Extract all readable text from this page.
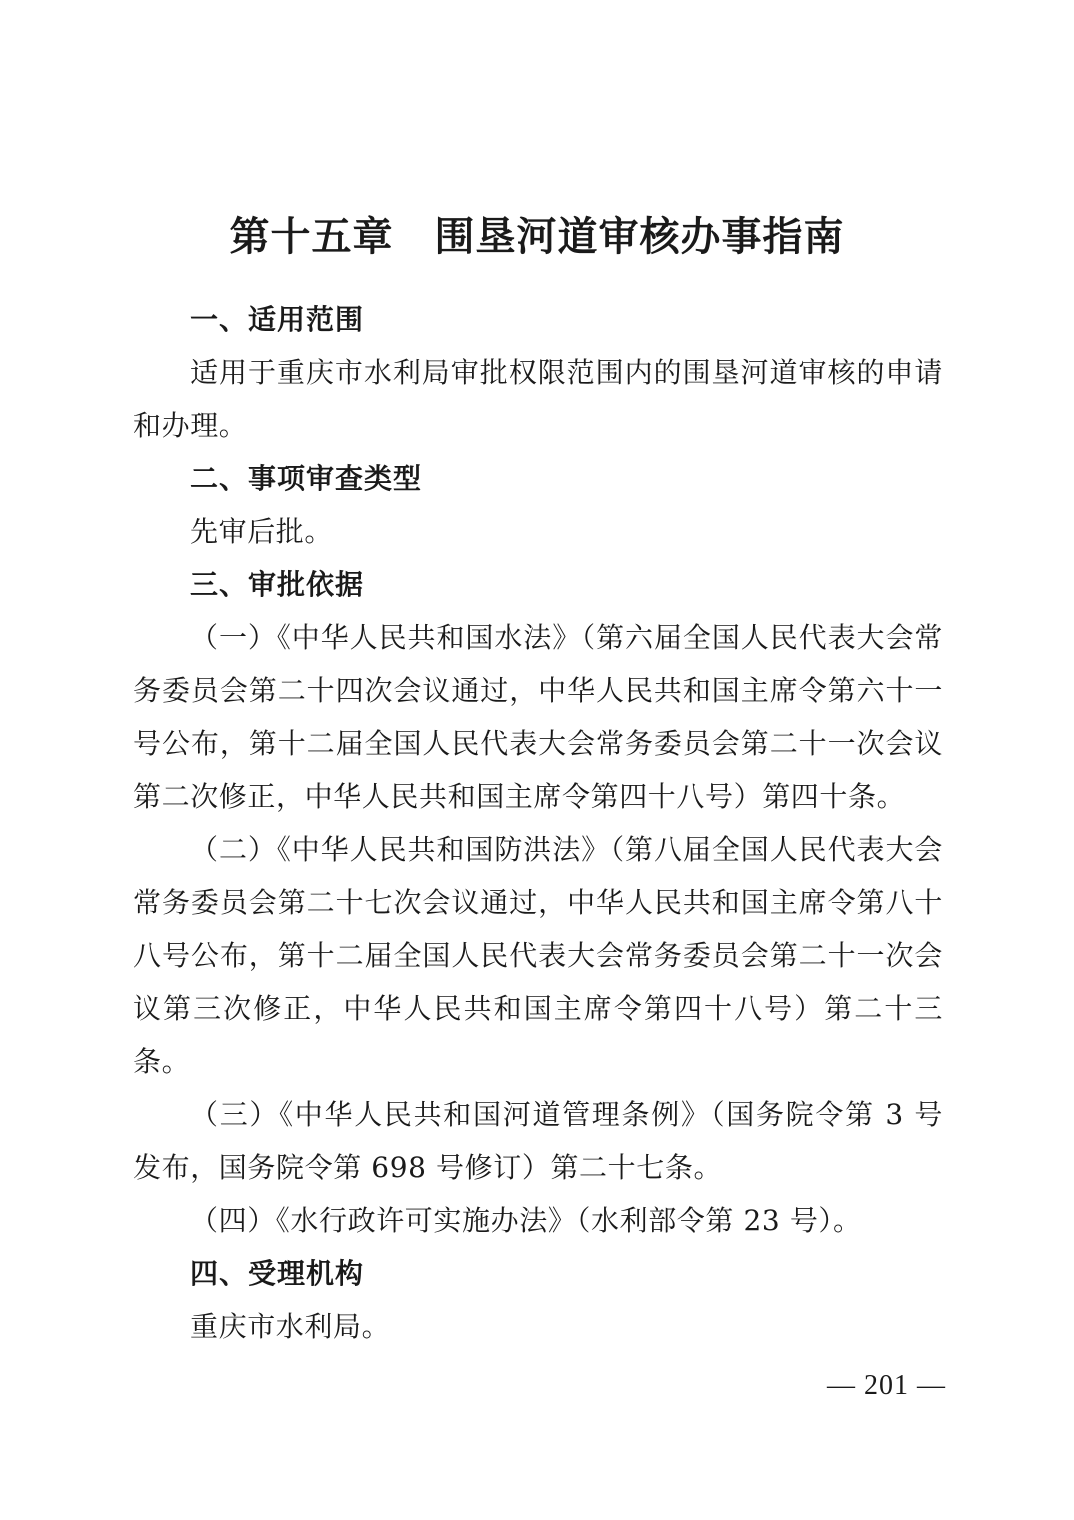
第十五章　围垦河道审核办事指南
一、适用范围

适用于重庆市水利局审批权限范围内的围垦河道审核的申请和办理。

二、事项审查类型

先审后批。

三、审批依据

（一）《中华人民共和国水法》（第六届全国人民代表大会常务委员会第二十四次会议通过，中华人民共和国主席令第六十一号公布，第十二届全国人民代表大会常务委员会第二十一次会议第二次修正，中华人民共和国主席令第四十八号）第四十条。

（二）《中华人民共和国防洪法》（第八届全国人民代表大会常务委员会第二十七次会议通过，中华人民共和国主席令第八十八号公布，第十二届全国人民代表大会常务委员会第二十一次会议第三次修正，中华人民共和国主席令第四十八号）第二十三条。

（三）《中华人民共和国河道管理条例》（国务院令第 3 号发布，国务院令第 698 号修订）第二十七条。

（四）《水行政许可实施办法》（水利部令第 23 号）。

四、受理机构

重庆市水利局。

— 201 —
